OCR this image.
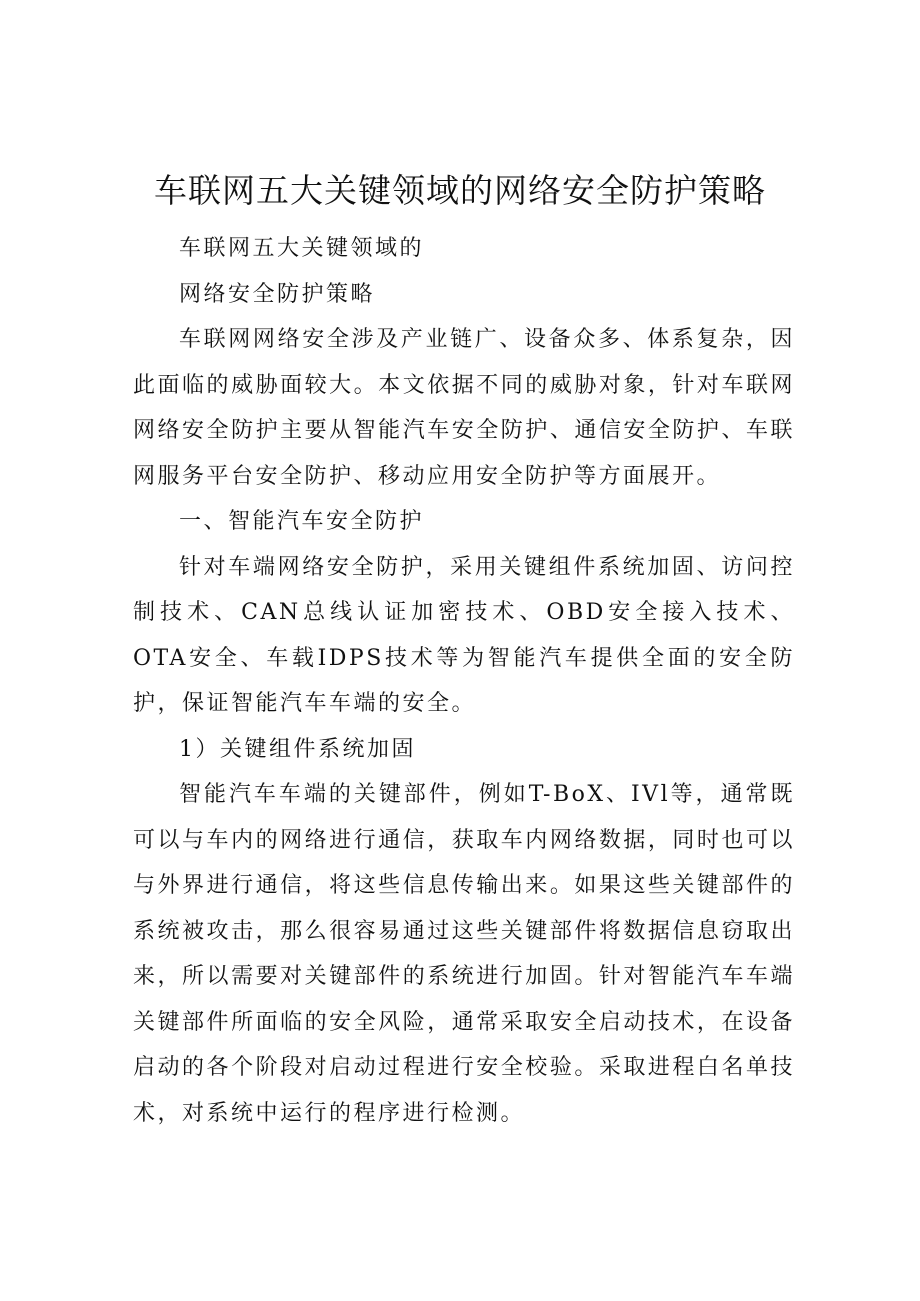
车联网五大关键领域的网络安全防护策略

车联网五大关键领域的

网络安全防护策略

车联网网络安全涉及产业链广、设备众多、体系复杂，因此面临的威胁面较大。本文依据不同的威胁对象，针对车联网网络安全防护主要从智能汽车安全防护、通信安全防护、车联网服务平台安全防护、移动应用安全防护等方面展开。

一、智能汽车安全防护

针对车端网络安全防护，采用关键组件系统加固、访问控制技术、CAN总线认证加密技术、OBD安全接入技术、OTA安全、车载IDPS技术等为智能汽车提供全面的安全防护，保证智能汽车车端的安全。

1）关键组件系统加固

智能汽车车端的关键部件，例如T-BoX、IVl等，通常既可以与车内的网络进行通信，获取车内网络数据，同时也可以与外界进行通信，将这些信息传输出来。如果这些关键部件的系统被攻击，那么很容易通过这些关键部件将数据信息窃取出来，所以需要对关键部件的系统进行加固。针对智能汽车车端关键部件所面临的安全风险，通常采取安全启动技术，在设备启动的各个阶段对启动过程进行安全校验。采取进程白名单技术，对系统中运行的程序进行检测。
